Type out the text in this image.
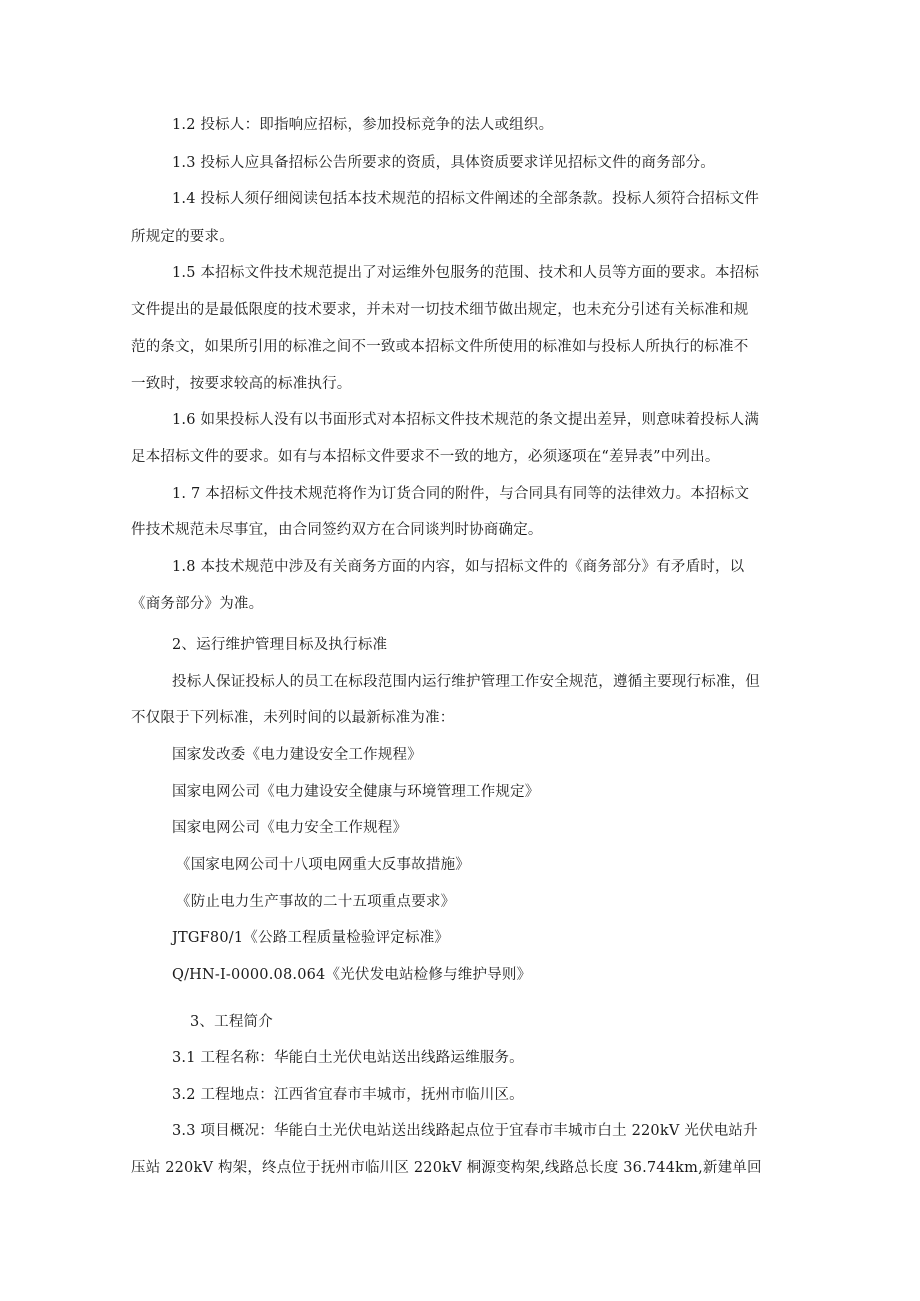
1.2 投标人：即指响应招标，参加投标竞争的法人或组织。
1.3 投标人应具备招标公告所要求的资质，具体资质要求详见招标文件的商务部分。
1.4 投标人须仔细阅读包括本技术规范的招标文件阐述的全部条款。投标人须符合招标文件
所规定的要求。
1.5 本招标文件技术规范提出了对运维外包服务的范围、技术和人员等方面的要求。本招标
文件提出的是最低限度的技术要求，并未对一切技术细节做出规定，也未充分引述有关标准和规
范的条文，如果所引用的标准之间不一致或本招标文件所使用的标准如与投标人所执行的标准不
一致时，按要求较高的标准执行。
1.6 如果投标人没有以书面形式对本招标文件技术规范的条文提出差异，则意味着投标人满
足本招标文件的要求。如有与本招标文件要求不一致的地方，必须逐项在“差异表”中列出。
1. 7 本招标文件技术规范将作为订货合同的附件，与合同具有同等的法律效力。本招标文
件技术规范未尽事宜，由合同签约双方在合同谈判时协商确定。
1.8 本技术规范中涉及有关商务方面的内容，如与招标文件的《商务部分》有矛盾时，以
《商务部分》为准。
2、运行维护管理目标及执行标准
投标人保证投标人的员工在标段范围内运行维护管理工作安全规范，遵循主要现行标准，但
不仅限于下列标准，未列时间的以最新标准为准：
国家发改委《电力建设安全工作规程》
国家电网公司《电力建设安全健康与环境管理工作规定》
国家电网公司《电力安全工作规程》
《国家电网公司十八项电网重大反事故措施》
《防止电力生产事故的二十五项重点要求》
JTGF80/1《公路工程质量检验评定标准》
Q/HN-I-0000.08.064《光伏发电站检修与维护导则》
3、工程简介
3.1 工程名称：华能白土光伏电站送出线路运维服务。
3.2 工程地点：江西省宜春市丰城市，抚州市临川区。
3.3 项目概况：华能白土光伏电站送出线路起点位于宜春市丰城市白土 220kV 光伏电站升
压站 220kV 构架，终点位于抚州市临川区 220kV 桐源变构架,线路总长度 36.744km,新建单回
